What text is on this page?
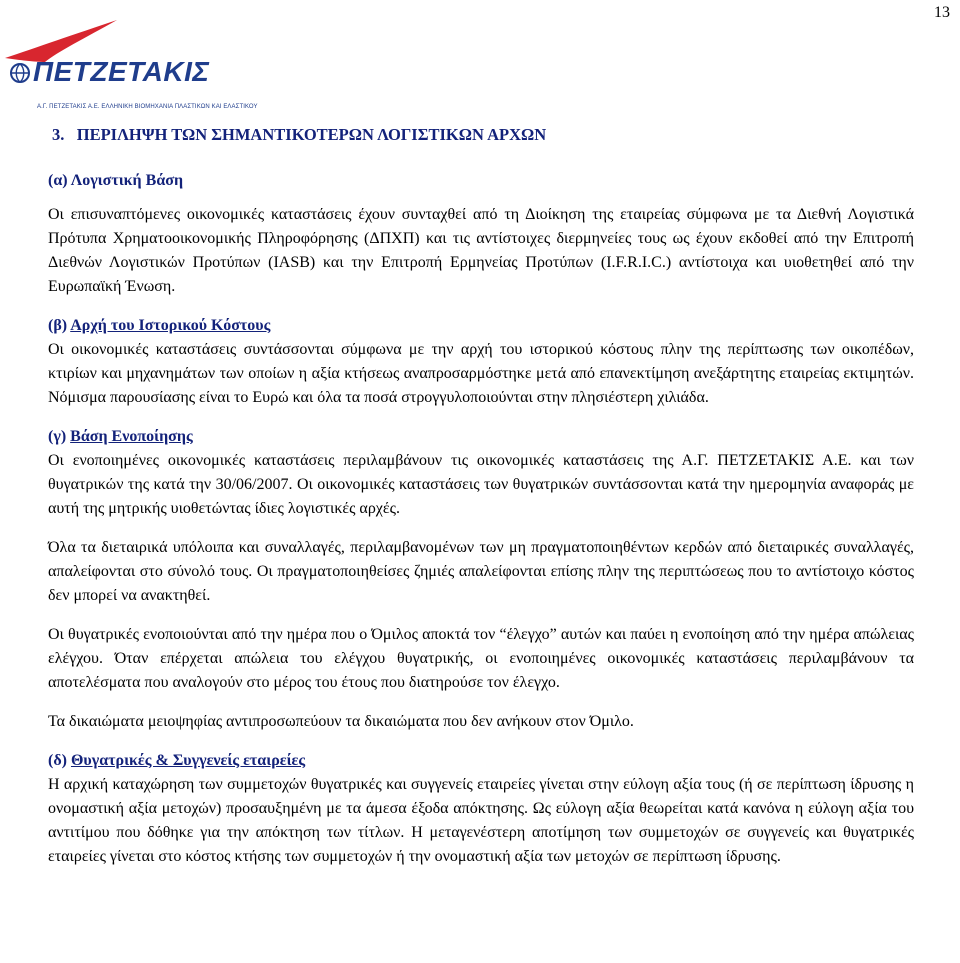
13
ΠΕΤΖΕΤΑΚΙΣ
Α.Γ. ΠΕΤΖΕΤΑΚΙΣ Α.Ε. ΕΛΛΗΝΙΚΗ ΒΙΟΜΗΧΑΝΙΑ ΠΛΑΣΤΙΚΩΝ ΚΑΙ ΕΛΑΣΤΙΚΟΥ
3. ΠΕΡΙΛΗΨΗ ΤΩΝ ΣΗΜΑΝΤΙΚΟΤΕΡΩΝ ΛΟΓΙΣΤΙΚΩΝ ΑΡΧΩΝ
(α) Λογιστική Βάση

Οι επισυναπτόμενες οικονομικές καταστάσεις έχουν συνταχθεί από τη Διοίκηση της εταιρείας σύμφωνα με τα Διεθνή Λογιστικά Πρότυπα Χρηματοοικονομικής Πληροφόρησης (ΔΠΧΠ) και τις αντίστοιχες διερμηνείες τους ως έχουν εκδοθεί από την Επιτροπή Διεθνών Λογιστικών Προτύπων (IASB) και την Επιτροπή Ερμηνείας Προτύπων (I.F.R.I.C.) αντίστοιχα και υιοθετηθεί από την Ευρωπαϊκή Ένωση.

(β) Αρχή του Ιστορικού Κόστους

Οι οικονομικές καταστάσεις συντάσσονται σύμφωνα με την αρχή του ιστορικού κόστους πλην της περίπτωσης των οικοπέδων, κτιρίων και μηχανημάτων των οποίων η αξία κτήσεως αναπροσαρμόστηκε μετά από επανεκτίμηση ανεξάρτητης εταιρείας εκτιμητών. Νόμισμα παρουσίασης είναι το Ευρώ και όλα τα ποσά στρογγυλοποιούνται στην πλησιέστερη χιλιάδα.

(γ) Βάση Ενοποίησης

Οι ενοποιημένες οικονομικές καταστάσεις περιλαμβάνουν τις οικονομικές καταστάσεις της Α.Γ. ΠΕΤΖΕΤΑΚΙΣ Α.Ε. και των θυγατρικών της κατά την 30/06/2007. Οι οικονομικές καταστάσεις των θυγατρικών συντάσσονται κατά την ημερομηνία αναφοράς με αυτή της μητρικής υιοθετώντας ίδιες λογιστικές αρχές.

Όλα τα διεταιρικά υπόλοιπα και συναλλαγές, περιλαμβανομένων των μη πραγματοποιηθέντων κερδών από διεταιρικές συναλλαγές, απαλείφονται στο σύνολό τους. Οι πραγματοποιηθείσες ζημιές απαλείφονται επίσης πλην της περιπτώσεως που το αντίστοιχο κόστος δεν μπορεί να ανακτηθεί.

Οι θυγατρικές ενοποιούνται από την ημέρα που ο Όμιλος αποκτά τον “έλεγχο” αυτών και παύει η ενοποίηση από την ημέρα απώλειας ελέγχου. Όταν επέρχεται απώλεια του ελέγχου θυγατρικής, οι ενοποιημένες οικονομικές καταστάσεις περιλαμβάνουν τα αποτελέσματα που αναλογούν στο μέρος του έτους που διατηρούσε τον έλεγχο.

Τα δικαιώματα μειοψηφίας αντιπροσωπεύουν τα δικαιώματα που δεν ανήκουν στον Όμιλο.

(δ) Θυγατρικές & Συγγενείς εταιρείες

Η αρχική καταχώρηση των συμμετοχών θυγατρικές και συγγενείς εταιρείες γίνεται στην εύλογη αξία τους (ή σε περίπτωση ίδρυσης η ονομαστική αξία μετοχών) προσαυξημένη με τα άμεσα έξοδα απόκτησης. Ως εύλογη αξία θεωρείται κατά κανόνα η εύλογη αξία του αντιτίμου που δόθηκε για την απόκτηση των τίτλων. Η μεταγενέστερη αποτίμηση των συμμετοχών σε συγγενείς και θυγατρικές εταιρείες γίνεται στο κόστος κτήσης των συμμετοχών ή την ονομαστική αξία των μετοχών σε περίπτωση ίδρυσης.
